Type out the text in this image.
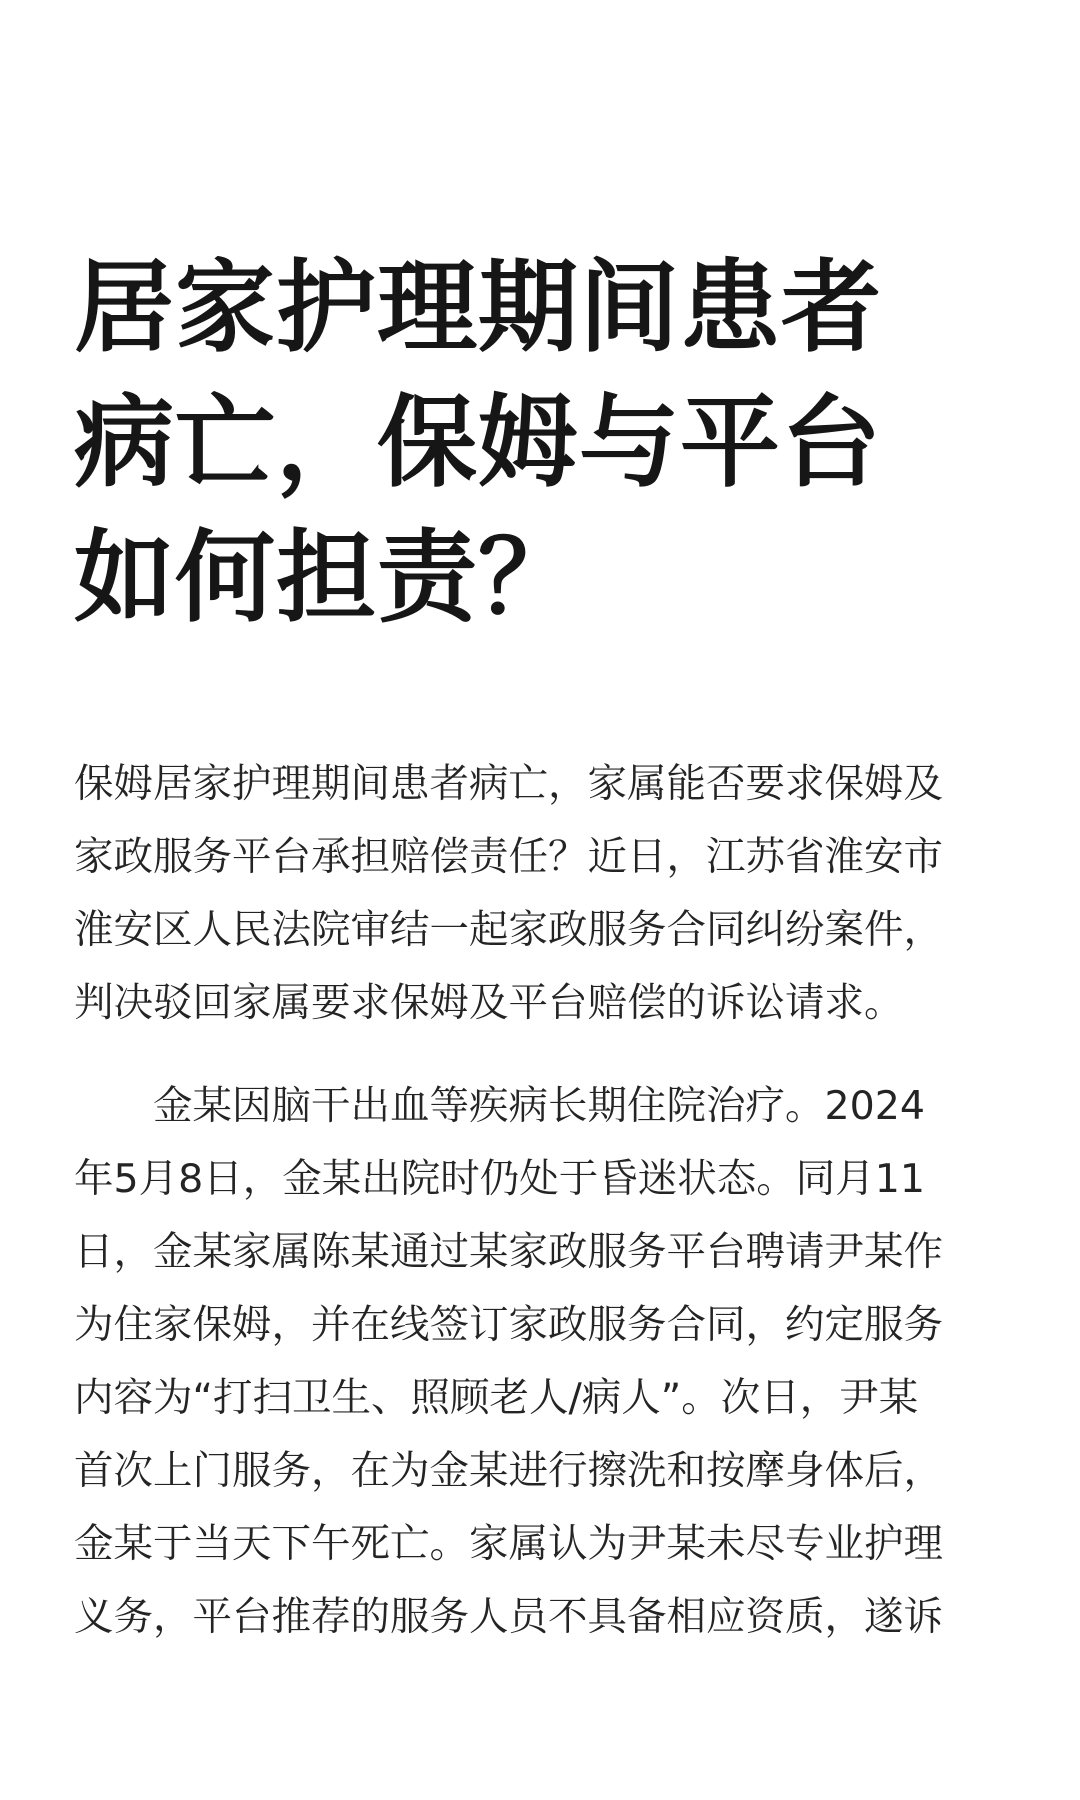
居家护理期间患者
病亡，保姆与平台
如何担责？

保姆居家护理期间患者病亡，家属能否要求保姆及
家政服务平台承担赔偿责任？近日，江苏省淮安市
淮安区人民法院审结一起家政服务合同纠纷案件，
判决驳回家属要求保姆及平台赔偿的诉讼请求。

　　金某因脑干出血等疾病长期住院治疗。2024
年5月8日，金某出院时仍处于昏迷状态。同月11
日，金某家属陈某通过某家政服务平台聘请尹某作
为住家保姆，并在线签订家政服务合同，约定服务
内容为“打扫卫生、照顾老人/病人”。次日，尹某
首次上门服务，在为金某进行擦洗和按摩身体后，
金某于当天下午死亡。家属认为尹某未尽专业护理
义务，平台推荐的服务人员不具备相应资质，遂诉
